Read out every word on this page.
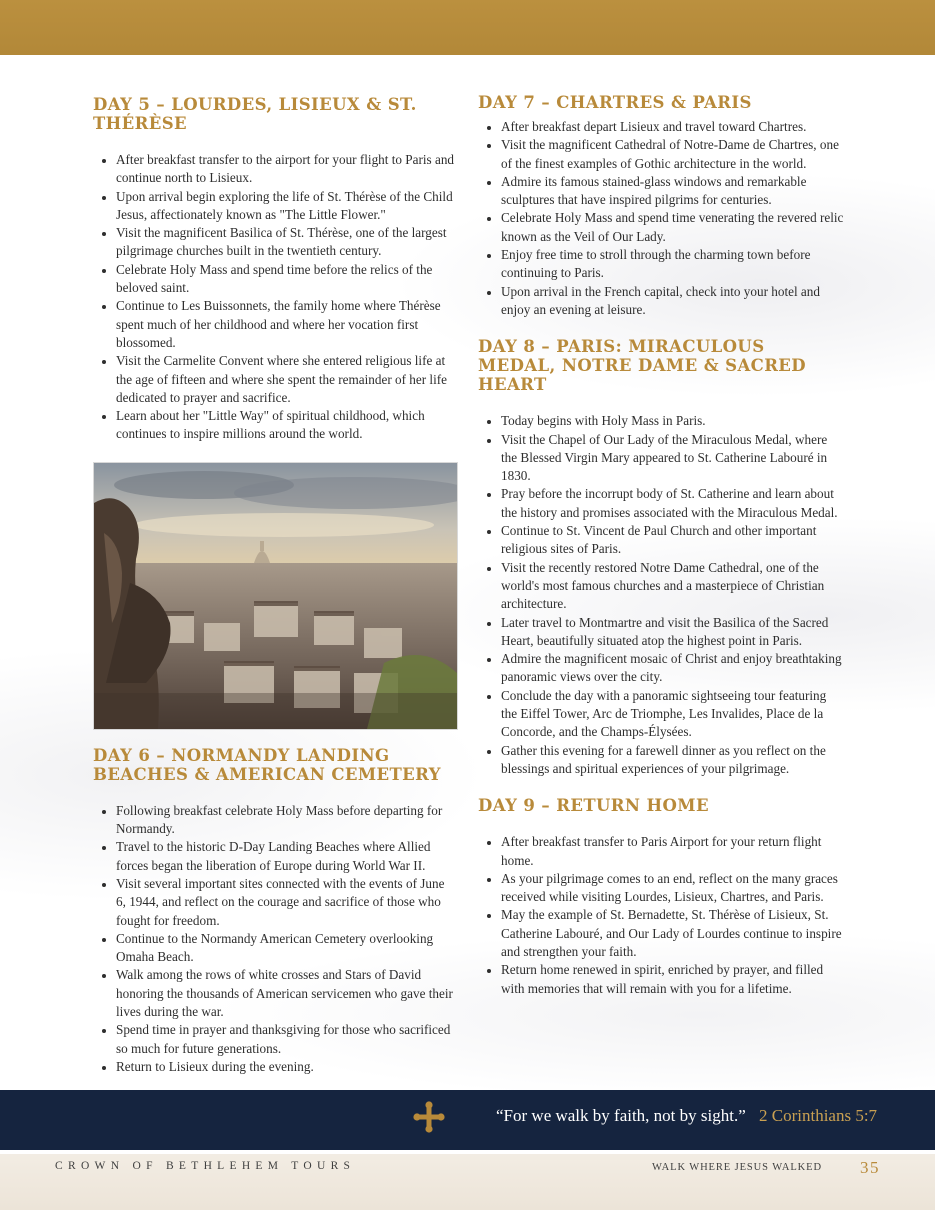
DAY 5 – LOURDES, LISIEUX & ST. THÉRÈSE
• After breakfast transfer to the airport for your flight to Paris and continue north to Lisieux.
• Upon arrival begin exploring the life of St. Thérèse of the Child Jesus, affectionately known as "The Little Flower."
• Visit the magnificent Basilica of St. Thérèse, one of the largest pilgrimage churches built in the twentieth century.
• Celebrate Holy Mass and spend time before the relics of the beloved saint.
• Continue to Les Buissonnets, the family home where Thérèse spent much of her childhood and where her vocation first blossomed.
• Visit the Carmelite Convent where she entered religious life at the age of fifteen and where she spent the remainder of her life dedicated to prayer and sacrifice.
• Learn about her "Little Way" of spiritual childhood, which continues to inspire millions around the world.
DAY 6 – NORMANDY LANDING BEACHES & AMERICAN CEMETERY
• Following breakfast celebrate Holy Mass before departing for Normandy.
• Travel to the historic D-Day Landing Beaches where Allied forces began the liberation of Europe during World War II.
• Visit several important sites connected with the events of June 6, 1944, and reflect on the courage and sacrifice of those who fought for freedom.
• Continue to the Normandy American Cemetery overlooking Omaha Beach.
• Walk among the rows of white crosses and Stars of David honoring the thousands of American servicemen who gave their lives during the war.
• Spend time in prayer and thanksgiving for those who sacrificed so much for future generations.
• Return to Lisieux during the evening.
DAY 7 – CHARTRES & PARIS
• After breakfast depart Lisieux and travel toward Chartres.
• Visit the magnificent Cathedral of Notre-Dame de Chartres, one of the finest examples of Gothic architecture in the world.
• Admire its famous stained-glass windows and remarkable sculptures that have inspired pilgrims for centuries.
• Celebrate Holy Mass and spend time venerating the revered relic known as the Veil of Our Lady.
• Enjoy free time to stroll through the charming town before continuing to Paris.
• Upon arrival in the French capital, check into your hotel and enjoy an evening at leisure.
DAY 8 – PARIS: MIRACULOUS MEDAL, NOTRE DAME & SACRED HEART
• Today begins with Holy Mass in Paris.
• Visit the Chapel of Our Lady of the Miraculous Medal, where the Blessed Virgin Mary appeared to St. Catherine Labouré in 1830.
• Pray before the incorrupt body of St. Catherine and learn about the history and promises associated with the Miraculous Medal.
• Continue to St. Vincent de Paul Church and other important religious sites of Paris.
• Visit the recently restored Notre Dame Cathedral, one of the world's most famous churches and a masterpiece of Christian architecture.
• Later travel to Montmartre and visit the Basilica of the Sacred Heart, beautifully situated atop the highest point in Paris.
• Admire the magnificent mosaic of Christ and enjoy breathtaking panoramic views over the city.
• Conclude the day with a panoramic sightseeing tour featuring the Eiffel Tower, Arc de Triomphe, Les Invalides, Place de la Concorde, and the Champs-Élysées.
• Gather this evening for a farewell dinner as you reflect on the blessings and spiritual experiences of your pilgrimage.
DAY 9 – RETURN HOME
• After breakfast transfer to Paris Airport for your return flight home.
• As your pilgrimage comes to an end, reflect on the many graces received while visiting Lourdes, Lisieux, Chartres, and Paris.
• May the example of St. Bernadette, St. Thérèse of Lisieux, St. Catherine Labouré, and Our Lady of Lourdes continue to inspire and strengthen your faith.
• Return home renewed in spirit, enriched by prayer, and filled with memories that will remain with you for a lifetime.
“For we walk by faith, not by sight.” 2 Corinthians 5:7
CROWN OF BETHLEHEM TOURS	WALK WHERE JESUS WALKED 35
